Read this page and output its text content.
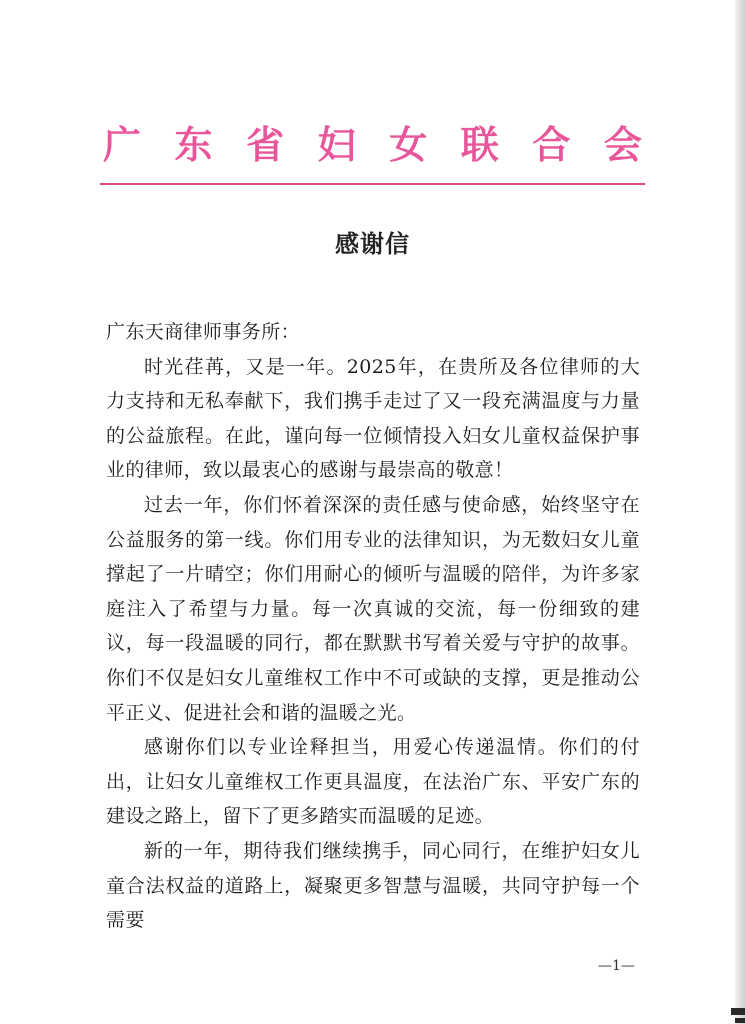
广 东 省 妇 女 联 合 会
感谢信

广东天商律师事务所：

时光荏苒，又是一年。2025年，在贵所及各位律师的大力支持和无私奉献下，我们携手走过了又一段充满温度与力量的公益旅程。在此，谨向每一位倾情投入妇女儿童权益保护事业的律师，致以最衷心的感谢与最崇高的敬意！

过去一年，你们怀着深深的责任感与使命感，始终坚守在公益服务的第一线。你们用专业的法律知识，为无数妇女儿童撑起了一片晴空；你们用耐心的倾听与温暖的陪伴，为许多家庭注入了希望与力量。每一次真诚的交流，每一份细致的建议，每一段温暖的同行，都在默默书写着关爱与守护的故事。你们不仅是妇女儿童维权工作中不可或缺的支撑，更是推动公平正义、促进社会和谐的温暖之光。

感谢你们以专业诠释担当，用爱心传递温情。你们的付出，让妇女儿童维权工作更具温度，在法治广东、平安广东的建设之路上，留下了更多踏实而温暖的足迹。

新的一年，期待我们继续携手，同心同行，在维护妇女儿童合法权益的道路上，凝聚更多智慧与温暖，共同守护每一个需要

—1—
